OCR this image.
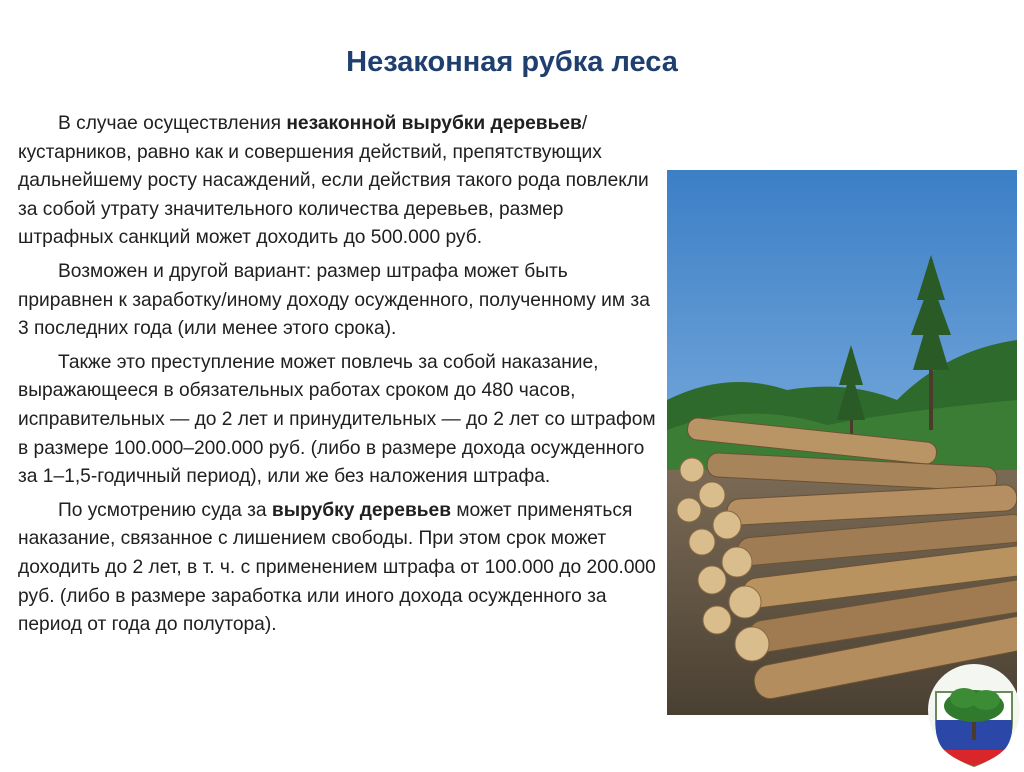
Незаконная рубка леса

В случае осуществления незаконной вырубки деревьев/кустарников, равно как и совершения действий, препятствующих дальнейшему росту насаждений, если действия такого рода повлекли за собой утрату значительного количества деревьев, размер штрафных санкций может доходить до 500.000 руб.

Возможен и другой вариант: размер штрафа может быть приравнен к заработку/иному доходу осужденного, полученному им за 3 последних года (или менее этого срока).

Также это преступление может повлечь за собой наказание, выражающееся в обязательных работах сроком до 480 часов, исправительных — до 2 лет и принудительных — до 2 лет со штрафом в размере 100.000–200.000 руб. (либо в размере дохода осужденного за 1–1,5-годичный период), или же без наложения штрафа.

По усмотрению суда за вырубку деревьев может применяться наказание, связанное с лишением свободы. При этом срок может доходить до 2 лет, в т. ч. с применением штрафа от 100.000 до 200.000 руб. (либо в размере заработка или иного дохода осужденного за период от года до полутора).
